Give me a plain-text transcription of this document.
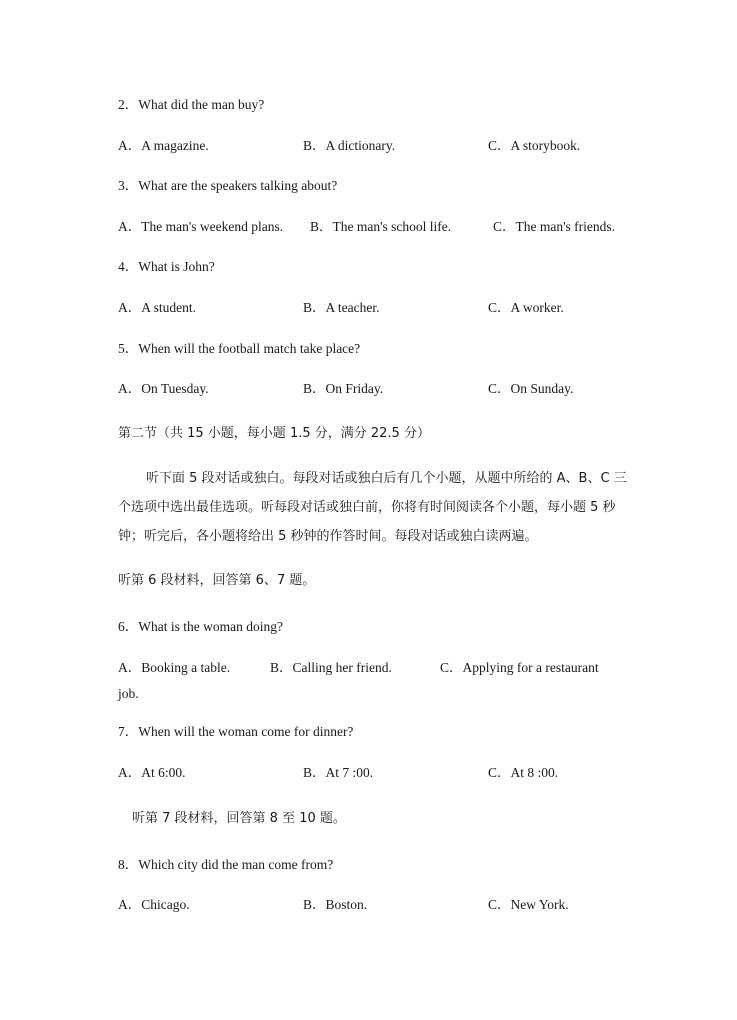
2．What did the man buy?
A．A magazine.	B．A dictionary.	C．A storybook.
3．What are the speakers talking about?
A．The man's weekend plans. B．The man's school life.	C．The man's friends.
4．What is John?
A．A student.	B．A teacher.	C．A worker.
5．When will the football match take place?
A．On Tuesday.	B．On Friday.	C．On Sunday.
第二节（共 15 小题，每小题 1.5 分，满分 22.5 分）
听下面 5 段对话或独白。每段对话或独白后有几个小题，从题中所给的 A、B、C 三个选项中选出最佳选项。听每段对话或独白前，你将有时间阅读各个小题，每小题 5 秒钟；听完后，各小题将给出 5 秒钟的作答时间。每段对话或独白读两遍。
听第 6 段材料，回答第 6、7 题。
6．What is the woman doing?
A．Booking a table.	B．Calling her friend.	C．Applying for a restaurant
job.
7．When will the woman come for dinner?
A．At 6:00.	B．At 7 :00.	C．At 8 :00.
听第 7 段材料，回答第 8 至 10 题。
8．Which city did the man come from?
A．Chicago.	B．Boston.	C．New York.
